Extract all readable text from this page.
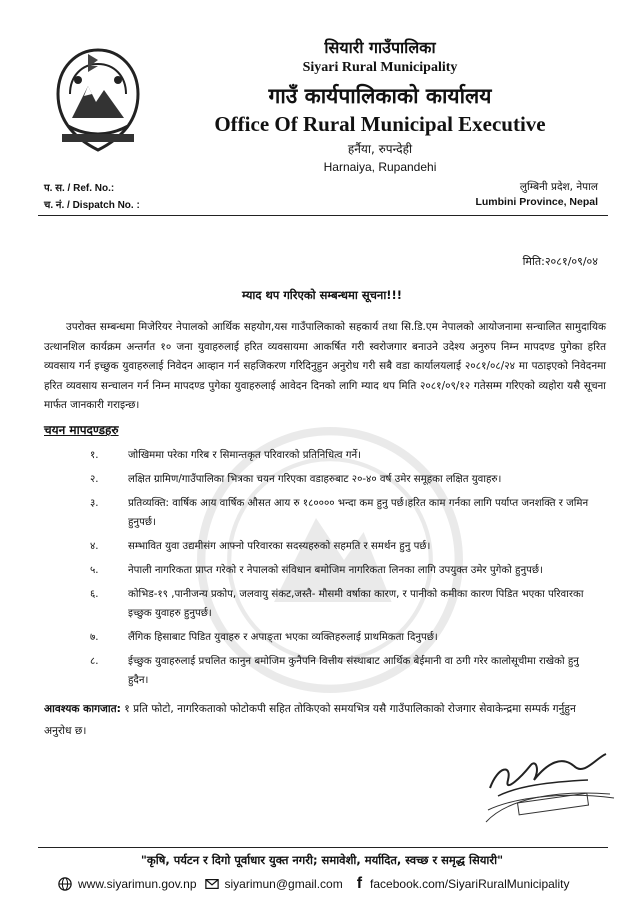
सियारी गाउँपालिका
Siyari Rural Municipality
गाउँ कार्यपालिकाको कार्यालय
Office Of Rural Municipal Executive
हर्नैया, रुपन्देही
Harnaiya, Rupandehi
प. स. / Ref. No.:
च. नं. / Dispatch No. :
लुम्बिनी प्रदेश, नेपाल
Lumbini Province, Nepal
मिति:२०८१/०९/०४
म्याद थप गरिएको सम्बन्धमा सूचना!!!
उपरोक्त सम्बन्धमा मिजेरियर नेपालको आर्थिक सहयोग,यस गाउँपालिकाको सहकार्य तथा सि.डि.एम नेपालको आयोजनामा सन्चालित सामुदायिक उत्थानशिल कार्यक्रम अन्तर्गत १० जना युवाहरुलाई हरित व्यवसायमा आकर्षित गरी स्वरोजगार बनाउने उदेश्य अनुरुप निम्न मापदण्ड पुगेका हरित व्यवसाय गर्न इच्छुक युवाहरुलाई निवेदन आव्हान गर्न सहजिकरण गरिदिनुहुन अनुरोध गरी सबै वडा कार्यालयलाई २०८१/०८/२४ मा पठाइएको निवेदनमा हरित व्यवसाय सन्चालन गर्न निम्न मापदण्ड पुगेका युवाहरुलाई आवेदन दिनको लागि म्याद थप मिति २०८१/०९/१२ गतेसम्म गरिएको व्यहोरा यसै सूचना मार्फत जानकारी गराइन्छ।
चयन मापदण्डहरु
१.	जोखिममा परेका गरिब र सिमान्तकृत परिवारको प्रतिनिधित्व गर्ने।
२.	लक्षित ग्रामिण/गाउँपालिका भित्रका चयन गरिएका वडाहरुबाट २०-४० वर्ष उमेर समूहका लक्षित युवाहरु।
३.	प्रतिव्यक्ति: वार्षिक आय वार्षिक औसत आय रु १८०००० भन्दा कम हुनु पर्छ।हरित काम गर्नका लागि पर्याप्त जनशक्ति र जमिन हुनुपर्छ।
४.	सम्भावित युवा उद्यमीसंग आफ्नो परिवारका सदस्यहरुको सहमति र समर्थन हुनु पर्छ।
५.	नेपाली नागरिकता प्राप्त गरेको र नेपालको संविधान बमोजिम नागरिकता लिनका लागि उपयुक्त उमेर पुगेको हुनुपर्छ।
६.	कोभिड-१९ ,पानीजन्य प्रकोप, जलवायु संकट,जस्तै- मौसमी वर्षाका कारण, र पानीको कमीका कारण पिडित भएका परिवारका इच्छुक युवाहरु हुनुपर्छ।
७.	लैंगिक हिसाबाट पिडित युवाहरु र अपाङ्ता भएका व्यक्तिहरुलाई प्राथमिकता दिनुपर्छ।
८.	ईच्छुक युवाहरुलाई प्रचलित कानुन बमोजिम कुनैपनि वित्तीय संस्थाबाट आर्थिक बेईमानी वा ठगी गरेर कालोसूचीमा राखेको हुनु हुदैन।
आवश्यक कागजात: १ प्रति फोटो, नागरिकताको फोटोकपी सहित तोकिएको समयभित्र यसै गाउँपालिकाको रोजगार सेवाकेन्द्रमा सम्पर्क गर्नुहुन अनुरोध छ।
"कृषि, पर्यटन र दिगो पूर्वाधार युक्त नगरी; समावेशी, मर्यादित, स्वच्छ र समृद्ध सियारी"
www.siyarimun.gov.np siyarimun@gmail.com f facebook.com/SiyariRuralMunicipality
